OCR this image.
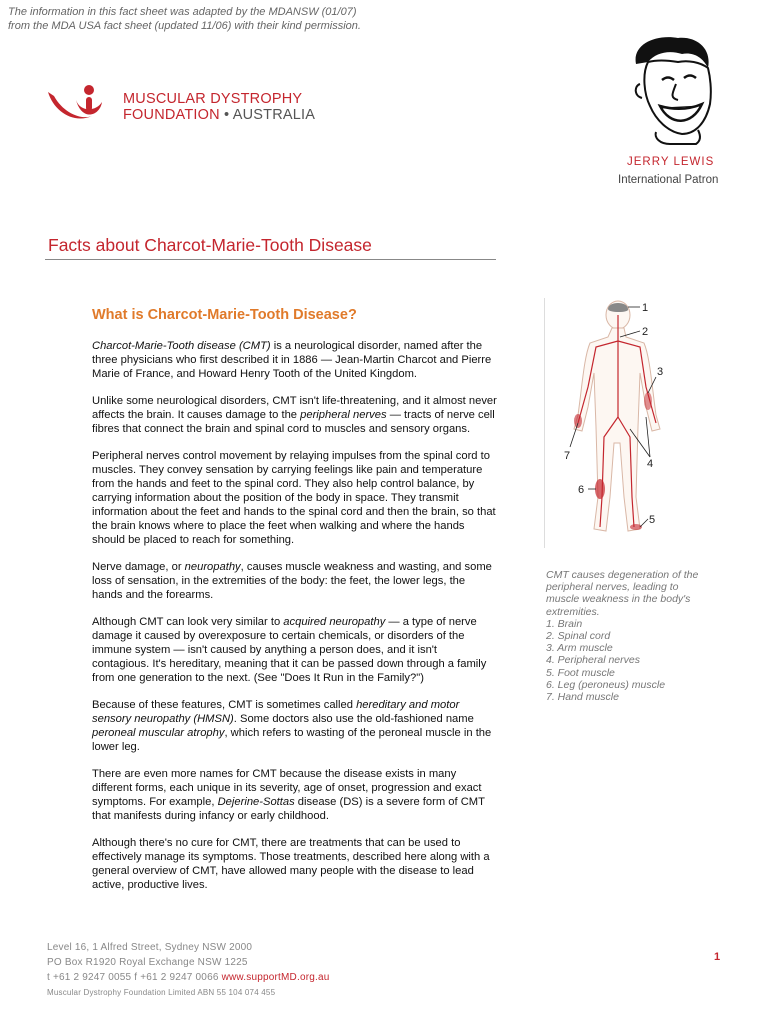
The information in this fact sheet was adapted by the MDANSW (01/07)
from the MDA USA fact sheet (updated 11/06) with their kind permission.
MUSCULAR DYSTROPHY
FOUNDATION • AUSTRALIA
JERRY LEWIS
International Patron
Facts about Charcot-Marie-Tooth Disease
What is Charcot-Marie-Tooth Disease?

Charcot-Marie-Tooth disease (CMT) is a neurological disorder, named after the three physicians who first described it in 1886 — Jean-Martin Charcot and Pierre Marie of France, and Howard Henry Tooth of the United Kingdom.

Unlike some neurological disorders, CMT isn't life-threatening, and it almost never affects the brain. It causes damage to the peripheral nerves — tracts of nerve cell fibres that connect the brain and spinal cord to muscles and sensory organs.

Peripheral nerves control movement by relaying impulses from the spinal cord to muscles. They convey sensation by carrying feelings like pain and temperature from the hands and feet to the spinal cord. They also help control balance, by carrying information about the position of the body in space. They transmit information about the feet and hands to the spinal cord and then the brain, so that the brain knows where to place the feet when walking and where the hands should be placed to reach for something.

Nerve damage, or neuropathy, causes muscle weakness and wasting, and some loss of sensation, in the extremities of the body: the feet, the lower legs, the hands and the forearms.

Although CMT can look very similar to acquired neuropathy — a type of nerve damage it caused by overexposure to certain chemicals, or disorders of the immune system — isn't caused by anything a person does, and it isn't contagious. It's hereditary, meaning that it can be passed down through a family from one generation to the next. (See "Does It Run in the Family?")

Because of these features, CMT is sometimes called hereditary and motor sensory neuropathy (HMSN). Some doctors also use the old-fashioned name peroneal muscular atrophy, which refers to wasting of the peroneal muscle in the lower leg.

There are even more names for CMT because the disease exists in many different forms, each unique in its severity, age of onset, progression and exact symptoms. For example, Dejerine-Sottas disease (DS) is a severe form of CMT that manifests during infancy or early childhood.

Although there's no cure for CMT, there are treatments that can be used to effectively manage its symptoms. Those treatments, described here along with a general overview of CMT, have allowed many people with the disease to lead active, productive lives.

1
2
3
4
5
6
7
CMT causes degeneration of the
peripheral nerves, leading to
muscle weakness in the body's
extremities.
1. Brain
2. Spinal cord
3. Arm muscle
4. Peripheral nerves
5. Foot muscle
6. Leg (peroneus) muscle
7. Hand muscle
Level 16, 1 Alfred Street, Sydney NSW 2000
PO Box R1920 Royal Exchange NSW 1225
t +61 2 9247 0055 f +61 2 9247 0066 www.supportMD.org.au
Muscular Dystrophy Foundation Limited ABN 55 104 074 455
1
